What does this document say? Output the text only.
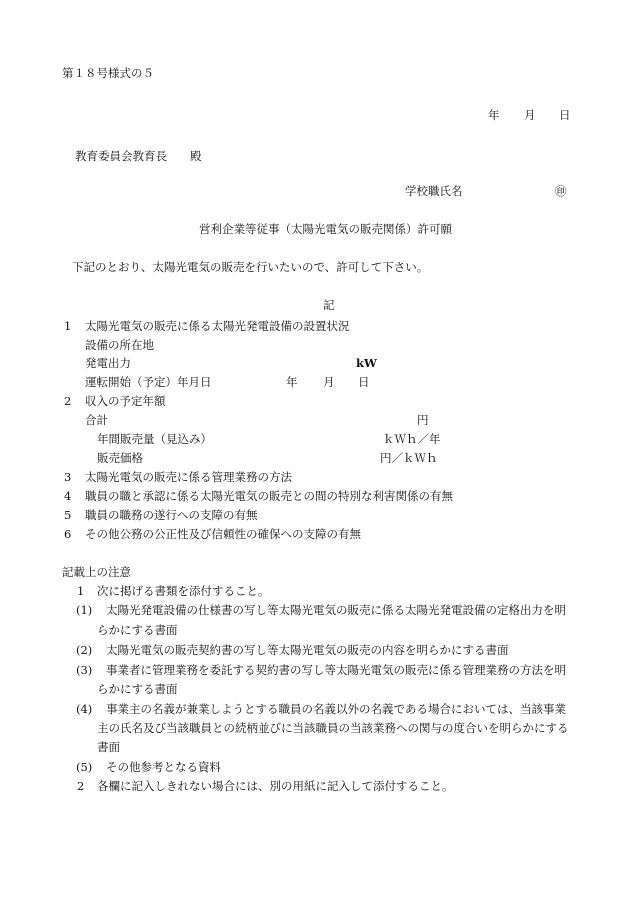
第１８号様式の５
年 月 日
教育委員会教育長　　殿
学校職氏名	㊞
営利企業等従事（太陽光電気の販売関係）許可願
下記のとおり、太陽光電気の販売を行いたいので、許可して下さい。
記
1 太陽光電気の販売に係る太陽光発電設備の設置状況
設備の所在地
発電出力	kW
運転開始（予定）年月日	年 月 日
2 収入の予定年額
合計	円
年間販売量（見込み）	ｋＷｈ／年
販売価格	円／ｋＷｈ
3 太陽光電気の販売に係る管理業務の方法
4 職員の職と承認に係る太陽光電気の販売との間の特別な利害関係の有無
5 職員の職務の遂行への支障の有無
6 その他公務の公正性及び信頼性の確保への支障の有無
記載上の注意
1 次に掲げる書類を添付すること。
(1) 太陽光発電設備の仕様書の写し等太陽光電気の販売に係る太陽光発電設備の定格出力を明
らかにする書面
(2) 太陽光電気の販売契約書の写し等太陽光電気の販売の内容を明らかにする書面
(3) 事業者に管理業務を委託する契約書の写し等太陽光電気の販売に係る管理業務の方法を明
らかにする書面
(4) 事業主の名義が兼業しようとする職員の名義以外の名義である場合においては、当該事業
主の氏名及び当該職員との続柄並びに当該職員の当該業務への関与の度合いを明らかにする
書面
(5) その他参考となる資料
2 各欄に記入しきれない場合には、別の用紙に記入して添付すること。
